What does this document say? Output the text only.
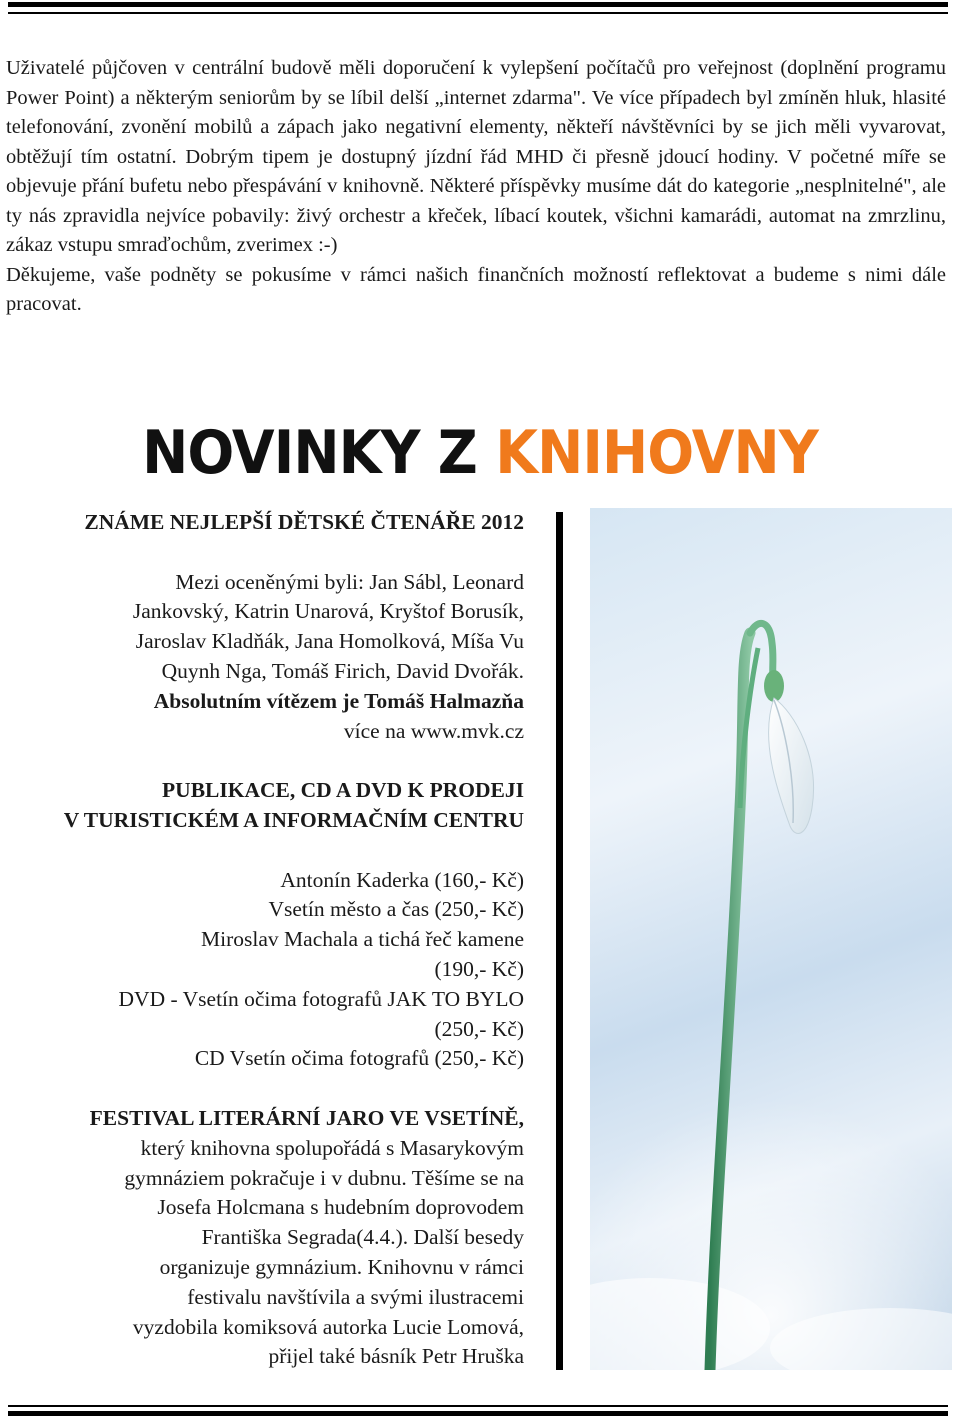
Uživatelé půjčoven v centrální budově měli doporučení k vylepšení počítačů pro veřejnost (doplnění programu Power Point) a některým seniorům by se líbil delší „internet zdarma". Ve více případech byl zmíněn hluk, hlasité telefonování, zvonění mobilů a zápach jako negativní elementy, někteří návštěvníci by se jich měli vyvarovat, obtěžují tím ostatní. Dobrým tipem je dostupný jízdní řád MHD či přesně jdoucí hodiny. V početné míře se objevuje přání bufetu nebo přespávání v knihovně. Některé příspěvky musíme dát do kategorie „nesplnitelné", ale ty nás zpravidla nejvíce pobavily: živý orchestr a křeček, líbací koutek, všichni kamarádi, automat na zmrzlinu, zákaz vstupu smraďochům, zverimex :-)

Děkujeme, vaše podněty se pokusíme v rámci našich finančních možností reflektovat a budeme s nimi dále pracovat.

NOVINKY Z KNIHOVNY
ZNÁME NEJLEPŠÍ DĚTSKÉ ČTENÁŘE 2012
Mezi oceněnými byli: Jan Sábl, Leonard
Jankovský, Katrin Unarová, Kryštof Borusík,
Jaroslav Kladňák, Jana Homolková, Míša Vu
Quynh Nga, Tomáš Firich, David Dvořák.
Absolutním vítězem je Tomáš Halmazňa
více na www.mvk.cz
PUBLIKACE, CD A DVD K PRODEJI
V TURISTICKÉM A INFORMAČNÍM CENTRU
Antonín Kaderka (160,- Kč)
Vsetín město a čas (250,- Kč)
Miroslav Machala a tichá řeč kamene
(190,- Kč)
DVD - Vsetín očima fotografů JAK TO BYLO
(250,- Kč)
CD Vsetín očima fotografů (250,- Kč)
FESTIVAL LITERÁRNÍ JARO VE VSETÍNĚ,
který knihovna spolupořádá s Masarykovým
gymnáziem pokračuje i v dubnu. Těšíme se na
Josefa Holcmana s hudebním doprovodem
Františka Segrada(4.4.). Další besedy
organizuje gymnázium. Knihovnu v rámci
festivalu navštívila a svými ilustracemi
vyzdobila komiksová autorka Lucie Lomová,
přijel také básník Petr Hruška
